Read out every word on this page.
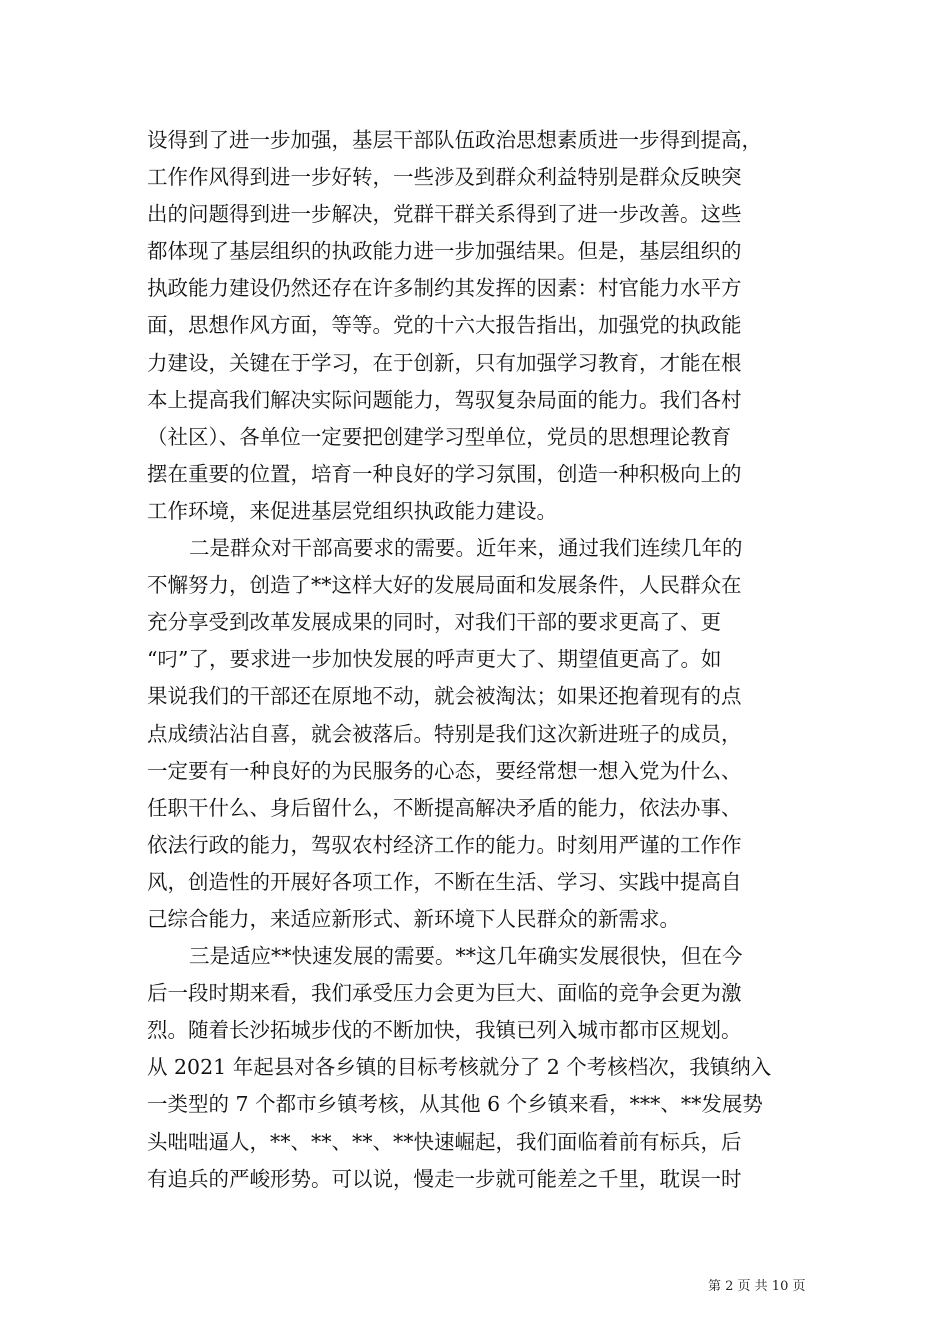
设得到了进一步加强，基层干部队伍政治思想素质进一步得到提高，
工作作风得到进一步好转，一些涉及到群众利益特别是群众反映突
出的问题得到进一步解决，党群干群关系得到了进一步改善。这些
都体现了基层组织的执政能力进一步加强结果。但是，基层组织的
执政能力建设仍然还存在许多制约其发挥的因素：村官能力水平方
面，思想作风方面，等等。党的十六大报告指出，加强党的执政能
力建设，关键在于学习，在于创新，只有加强学习教育，才能在根
本上提高我们解决实际问题能力，驾驭复杂局面的能力。我们各村
（社区）、各单位一定要把创建学习型单位，党员的思想理论教育
摆在重要的位置，培育一种良好的学习氛围，创造一种积极向上的
工作环境，来促进基层党组织执政能力建设。
二是群众对干部高要求的需要。近年来，通过我们连续几年的
不懈努力，创造了**这样大好的发展局面和发展条件，人民群众在
充分享受到改革发展成果的同时，对我们干部的要求更高了、更
“叼”了，要求进一步加快发展的呼声更大了、期望值更高了。如
果说我们的干部还在原地不动，就会被淘汰；如果还抱着现有的点
点成绩沾沾自喜，就会被落后。特别是我们这次新进班子的成员，
一定要有一种良好的为民服务的心态，要经常想一想入党为什么、
任职干什么、身后留什么，不断提高解决矛盾的能力，依法办事、
依法行政的能力，驾驭农村经济工作的能力。时刻用严谨的工作作
风，创造性的开展好各项工作，不断在生活、学习、实践中提高自
己综合能力，来适应新形式、新环境下人民群众的新需求。
三是适应**快速发展的需要。**这几年确实发展很快，但在今
后一段时期来看，我们承受压力会更为巨大、面临的竞争会更为激
烈。随着长沙拓城步伐的不断加快，我镇已列入城市都市区规划。
从 2021 年起县对各乡镇的目标考核就分了 2 个考核档次，我镇纳入
一类型的 7 个都市乡镇考核，从其他 6 个乡镇来看，***、**发展势
头咄咄逼人，**、**、**、**快速崛起，我们面临着前有标兵，后
有追兵的严峻形势。可以说，慢走一步就可能差之千里，耽误一时
第 2 页 共 10 页
